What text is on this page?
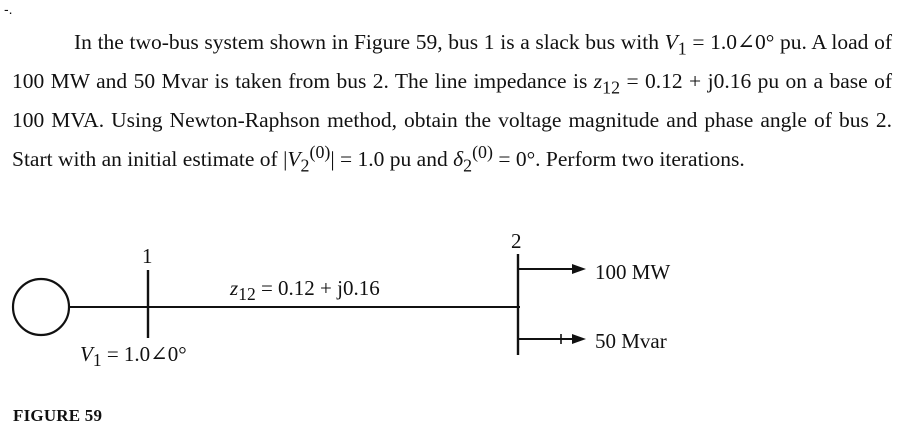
-.

In the two-bus system shown in Figure 59, bus 1 is a slack bus with $V_1$ = 1.0∠0° pu. A load of 100 MW and 50 Mvar is taken from bus 2. The line impedance is $z_{12} = 0.12 + j0.16$ pu on a base of 100 MVA. Using Newton-Raphson method, obtain the voltage magnitude and phase angle of bus 2. Start with an initial estimate of $|V_2^{(0)}| = 1.0$ pu and $\delta_2^{(0)} = 0^\circ$. Perform two iterations.

1
2
$z_{12} = 0.12 + j0.16$
$V_1$ = 1.0∠0°
100 MW
50 Mvar
FIGURE 59
